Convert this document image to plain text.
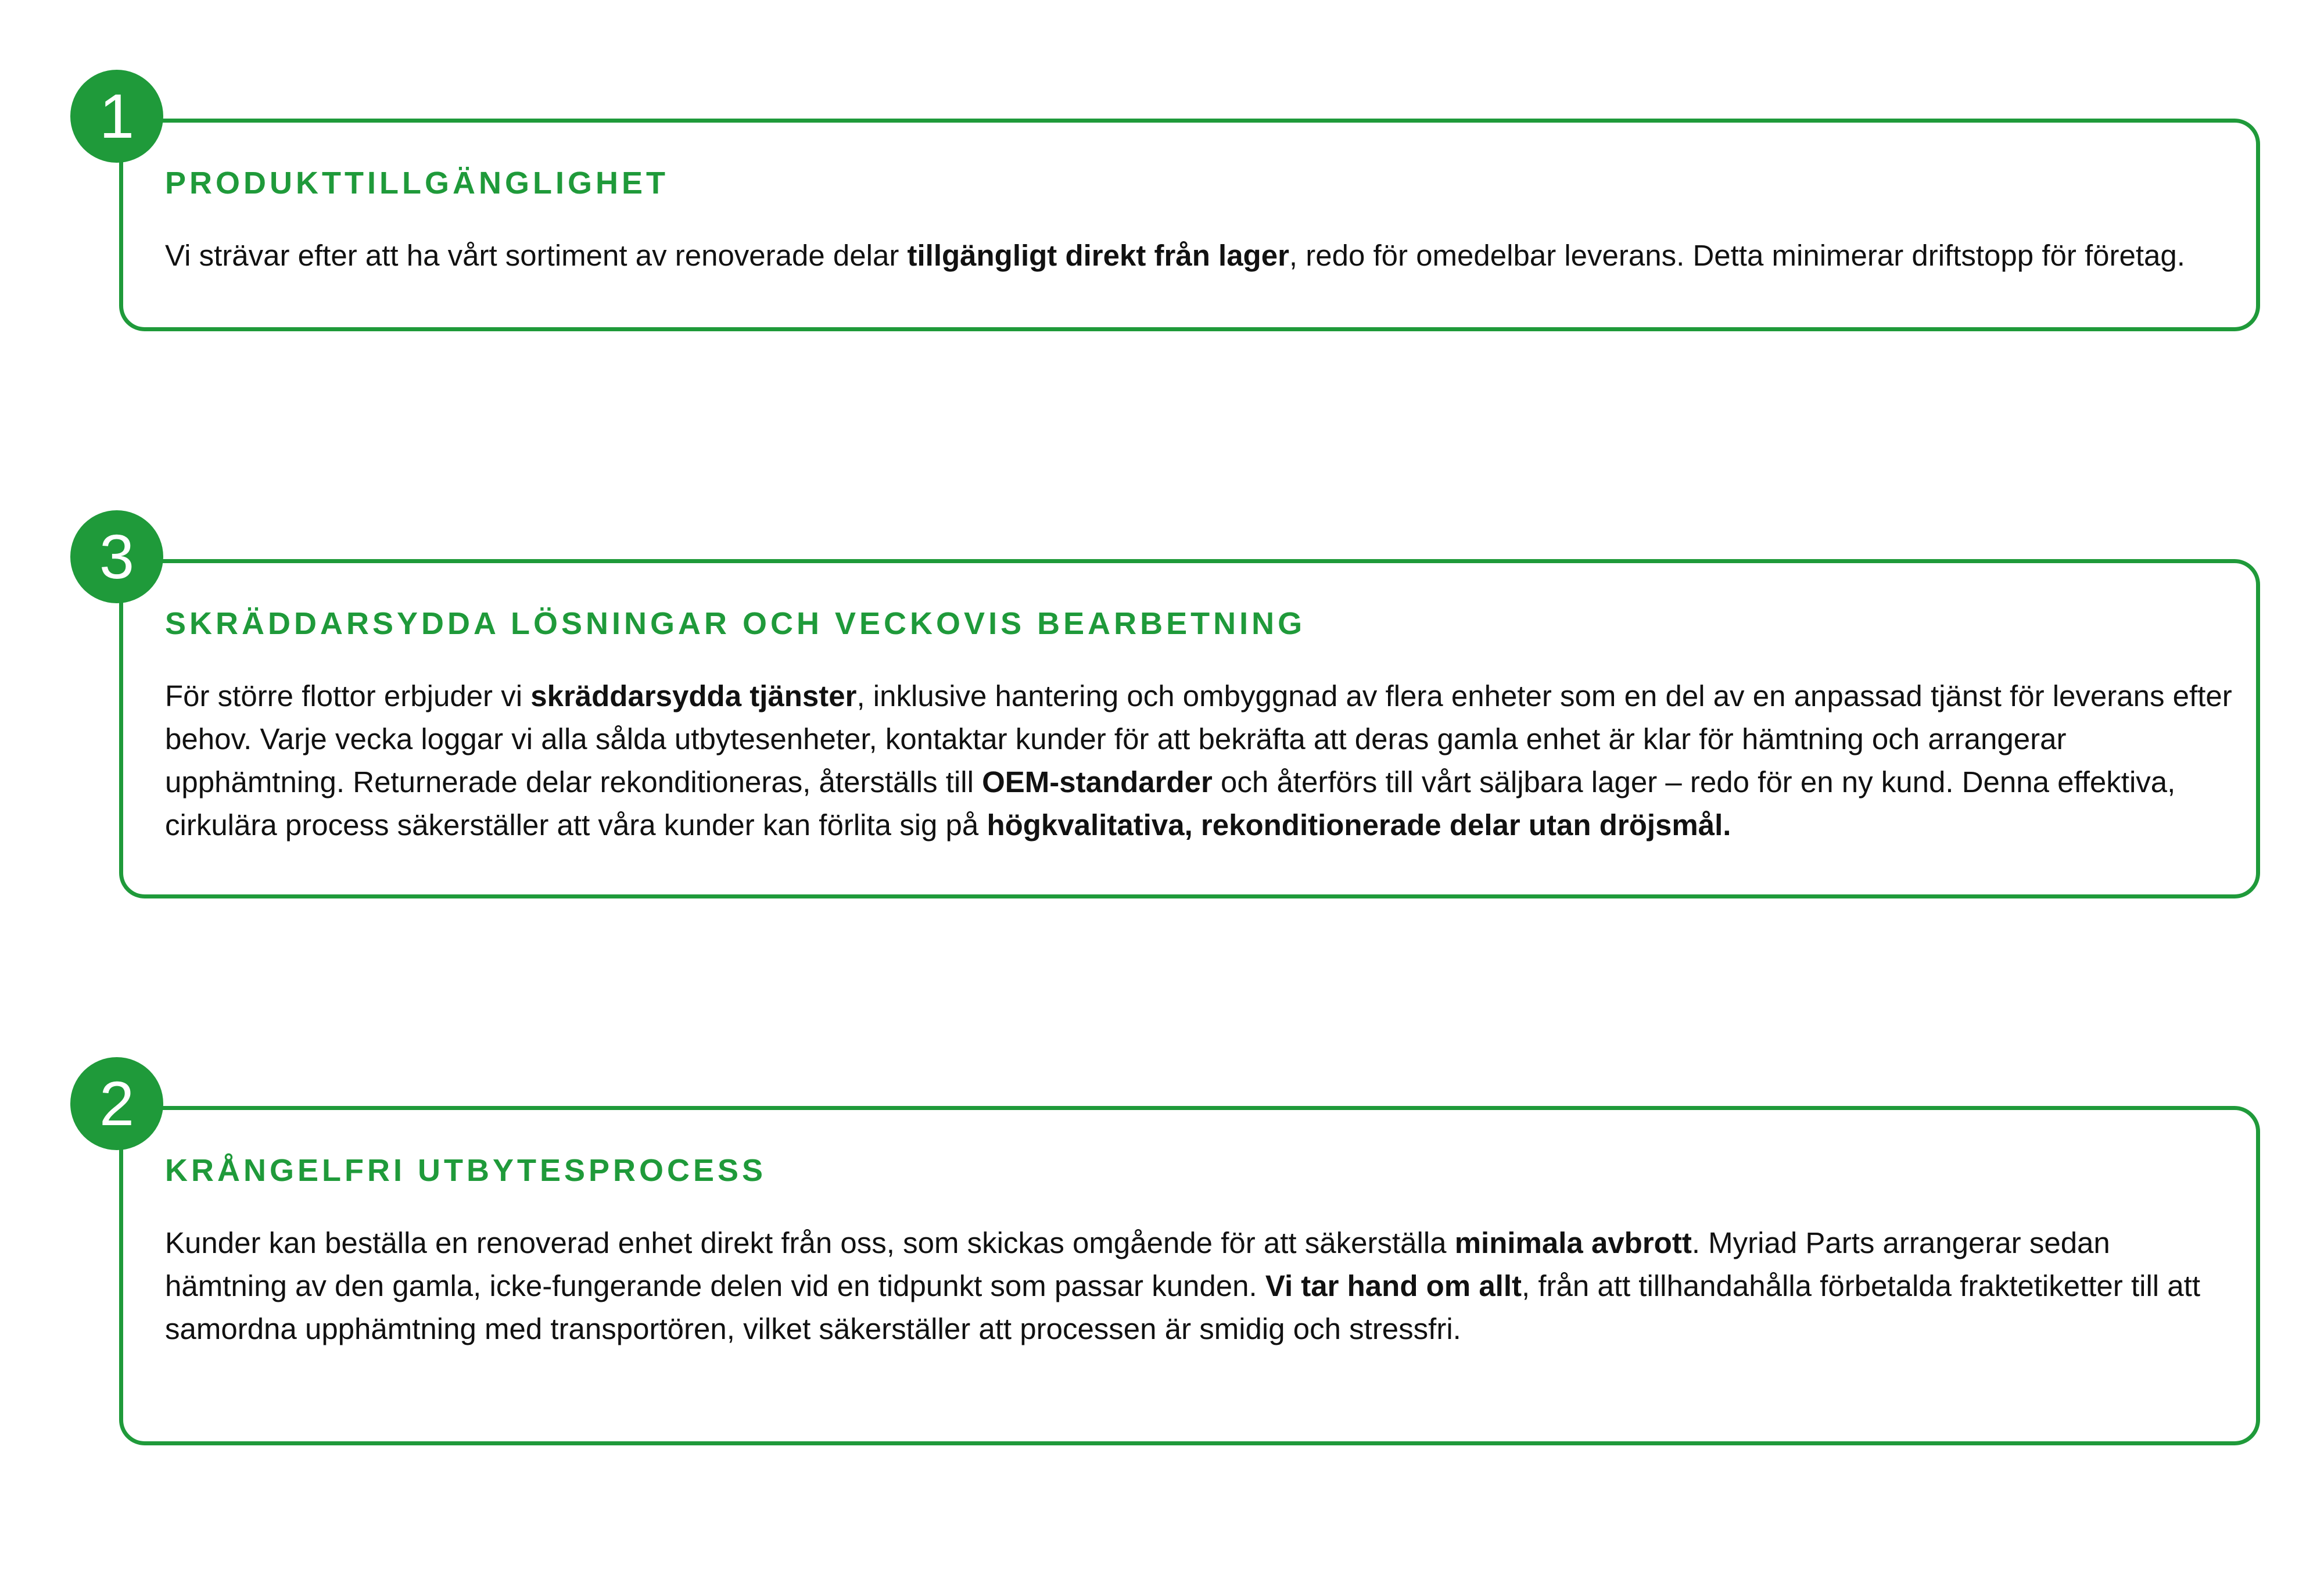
PRODUKTTILLGÄNGLIGHET

Vi strävar efter att ha vårt sortiment av renoverade delar tillgängligt direkt från lager, redo för omedelbar leverans. Detta minimerar driftstopp för företag.

1
SKRÄDDARSYDDA LÖSNINGAR OCH VECKOVIS BEARBETNING

För större flottor erbjuder vi skräddarsydda tjänster, inklusive hantering och ombyggnad av flera enheter som en del av en anpassad tjänst för leverans efter behov. Varje vecka loggar vi alla sålda utbytesenheter, kontaktar kunder för att bekräfta att deras gamla enhet är klar för hämtning och arrangerar upphämtning. Returnerade delar rekonditioneras, återställs till OEM-standarder och återförs till vårt säljbara lager – redo för en ny kund. Denna effektiva, cirkulära process säkerställer att våra kunder kan förlita sig på högkvalitativa, rekonditionerade delar utan dröjsmål.

3
KRÅNGELFRI UTBYTESPROCESS

Kunder kan beställa en renoverad enhet direkt från oss, som skickas omgående för att säkerställa minimala avbrott. Myriad Parts arrangerar sedan hämtning av den gamla, icke-fungerande delen vid en tidpunkt som passar kunden. Vi tar hand om allt, från att tillhandahålla förbetalda fraktetiketter till att samordna upphämtning med transportören, vilket säkerställer att processen är smidig och stressfri.

2
